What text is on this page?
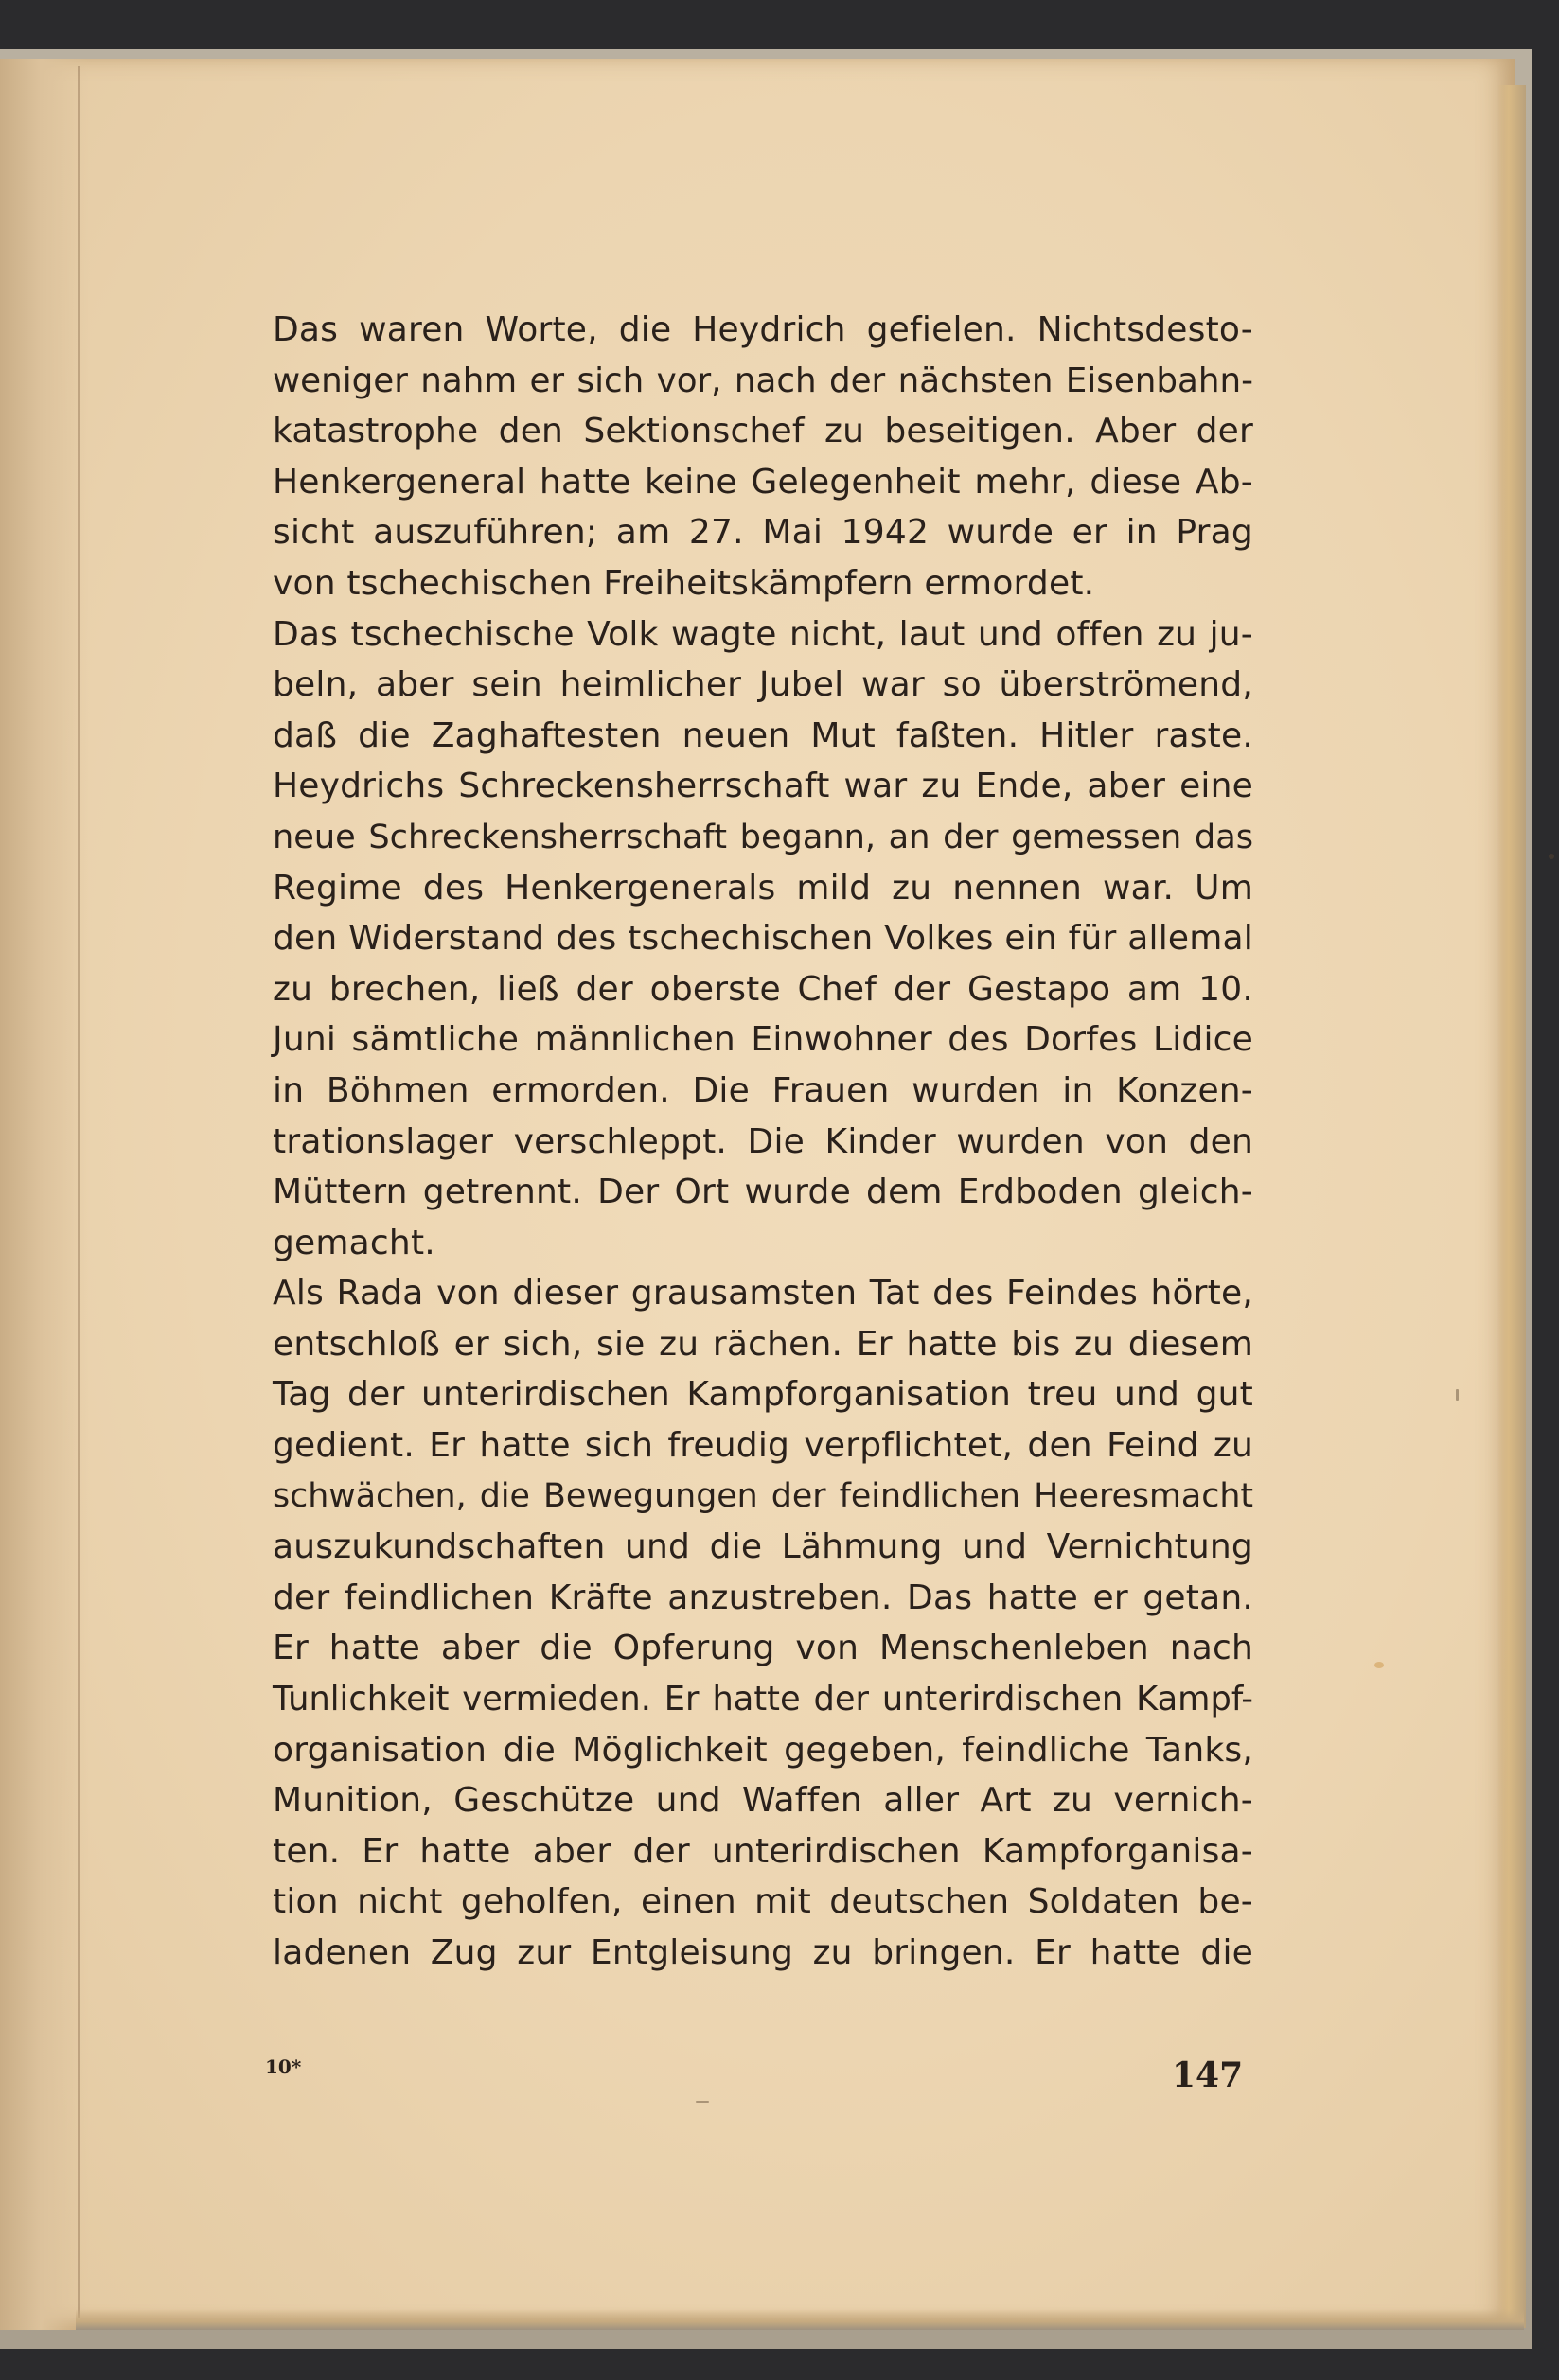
Das waren Worte, die Heydrich gefielen. Nichtsdesto-
weniger nahm er sich vor, nach der nächsten Eisenbahn-
katastrophe den Sektionschef zu beseitigen. Aber der
Henkergeneral hatte keine Gelegenheit mehr, diese Ab-
sicht auszuführen; am 27. Mai 1942 wurde er in Prag
von tschechischen Freiheitskämpfern ermordet.
Das tschechische Volk wagte nicht, laut und offen zu ju-
beln, aber sein heimlicher Jubel war so überströmend,
daß die Zaghaftesten neuen Mut faßten. Hitler raste.
Heydrichs Schreckensherrschaft war zu Ende, aber eine
neue Schreckensherrschaft begann, an der gemessen das
Regime des Henkergenerals mild zu nennen war. Um
den Widerstand des tschechischen Volkes ein für allemal
zu brechen, ließ der oberste Chef der Gestapo am 10.
Juni sämtliche männlichen Einwohner des Dorfes Lidice
in Böhmen ermorden. Die Frauen wurden in Konzen-
trationslager verschleppt. Die Kinder wurden von den
Müttern getrennt. Der Ort wurde dem Erdboden gleich-
gemacht.
Als Rada von dieser grausamsten Tat des Feindes hörte,
entschloß er sich, sie zu rächen. Er hatte bis zu diesem
Tag der unterirdischen Kampforganisation treu und gut
gedient. Er hatte sich freudig verpflichtet, den Feind zu
schwächen, die Bewegungen der feindlichen Heeresmacht
auszukundschaften und die Lähmung und Vernichtung
der feindlichen Kräfte anzustreben. Das hatte er getan.
Er hatte aber die Opferung von Menschenleben nach
Tunlichkeit vermieden. Er hatte der unterirdischen Kampf-
organisation die Möglichkeit gegeben, feindliche Tanks,
Munition, Geschütze und Waffen aller Art zu vernich-
ten. Er hatte aber der unterirdischen Kampforganisa-
tion nicht geholfen, einen mit deutschen Soldaten be-
ladenen Zug zur Entgleisung zu bringen. Er hatte die
10*	147
